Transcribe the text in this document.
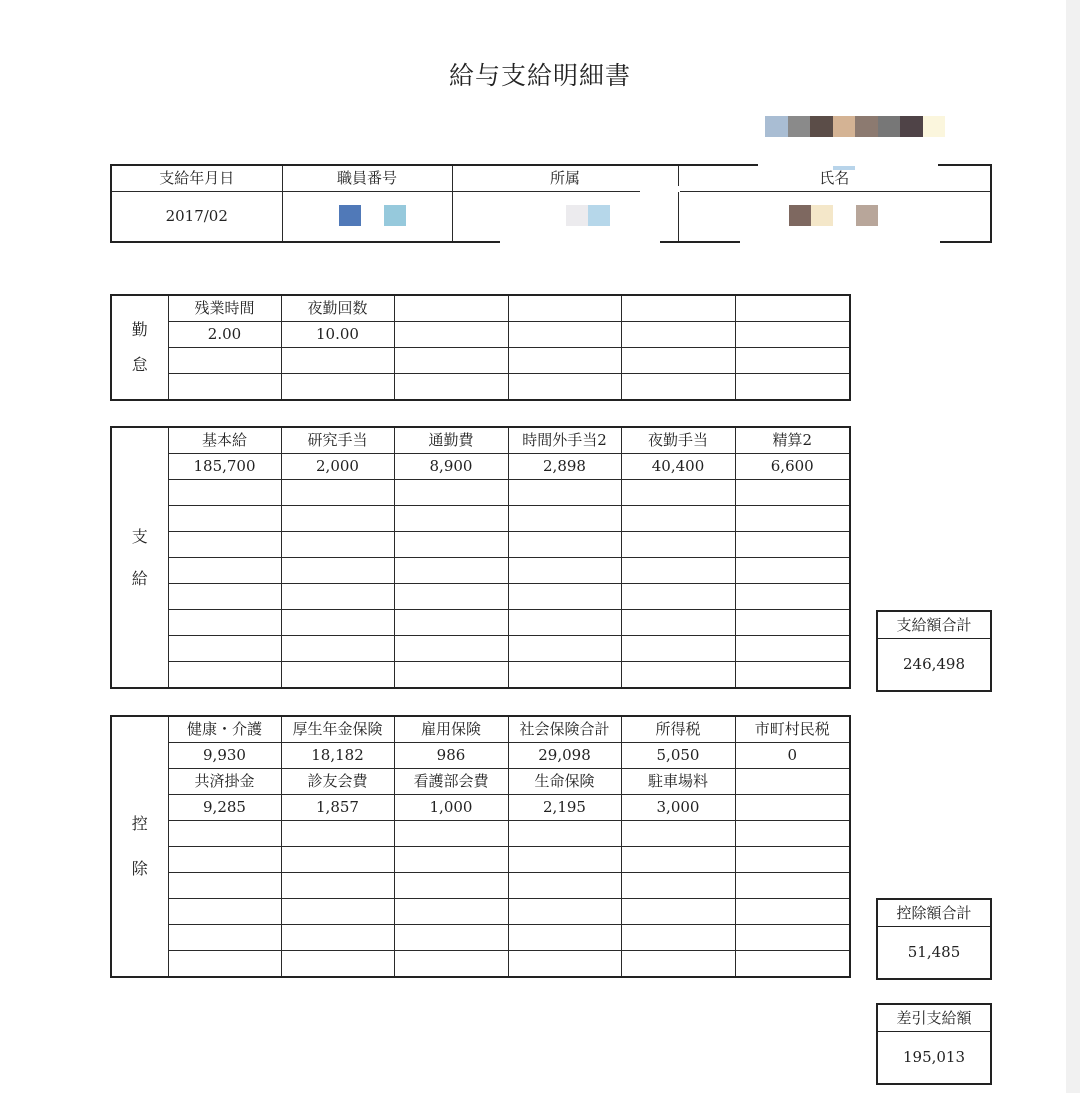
給与支給明細書
支給年月日	職員番号	所属	氏名
2017/02	

勤
怠	残業時間	夜勤回数				
	2.00	10.00				

支
給	基本給	研究手当	通勤費	時間外手当2	夜勤手当	精算2
	185,700	2,000	8,900	2,898	40,400	6,600

控
除	健康・介護	厚生年金保険	雇用保険	社会保険合計	所得税	市町村民税
	9,930	18,182	986	29,098	5,050	0
	共済掛金	診友会費	看護部会費	生命保険	駐車場料	
	9,285	1,857	1,000	2,195	3,000	

支給額合計
246,498
控除額合計
51,485
差引支給額
195,013
